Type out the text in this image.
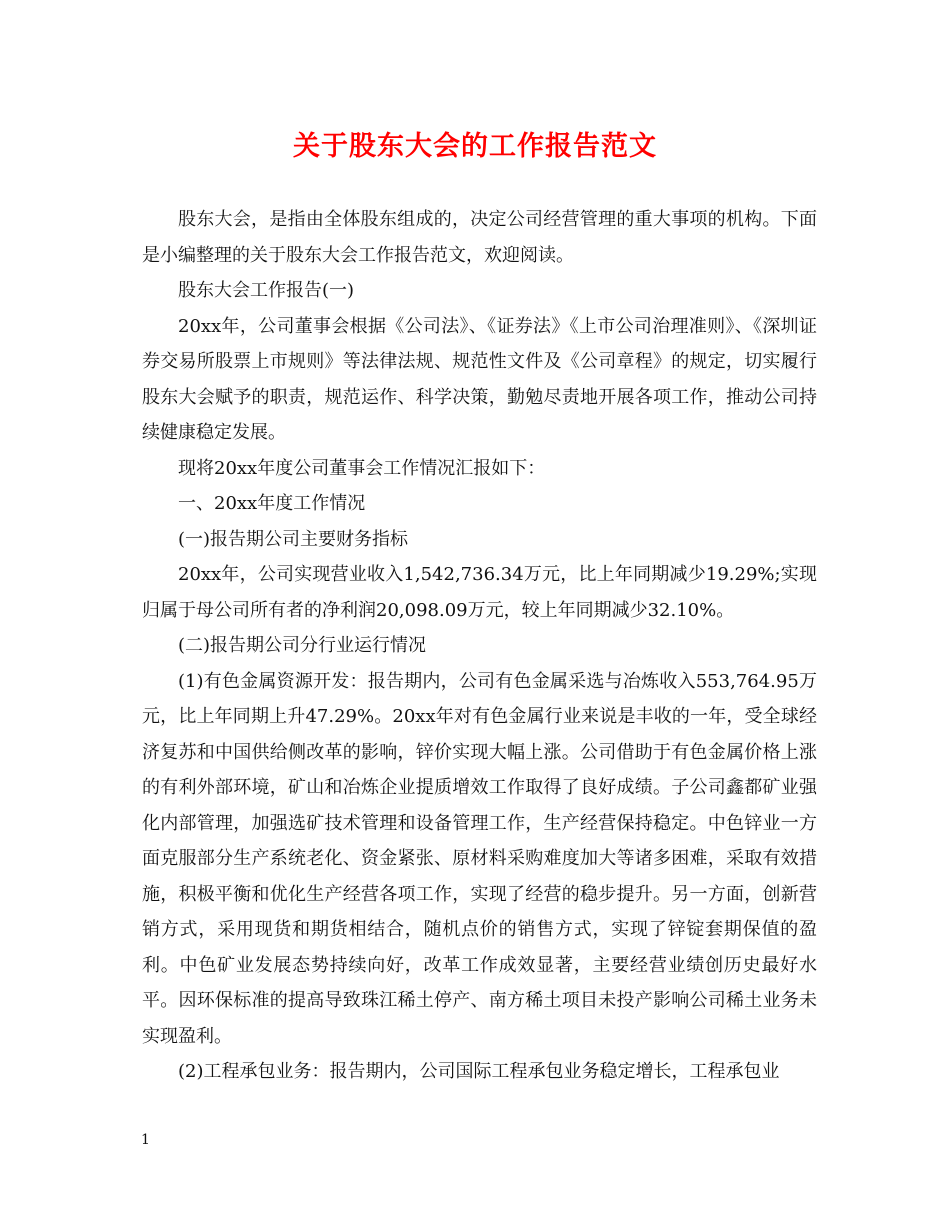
关于股东大会的工作报告范文

股东大会，是指由全体股东组成的，决定公司经营管理的重大事项的机构。下面是小编整理的关于股东大会工作报告范文，欢迎阅读。

股东大会工作报告(一)

20xx年，公司董事会根据《公司法》、《证券法》《上市公司治理准则》、《深圳证券交易所股票上市规则》等法律法规、规范性文件及《公司章程》的规定，切实履行股东大会赋予的职责，规范运作、科学决策，勤勉尽责地开展各项工作，推动公司持续健康稳定发展。

现将20xx年度公司董事会工作情况汇报如下：

一、20xx年度工作情况

(一)报告期公司主要财务指标

20xx年，公司实现营业收入1,542,736.34万元，比上年同期减少19.29%;实现归属于母公司所有者的净利润20,098.09万元，较上年同期减少32.10%。

(二)报告期公司分行业运行情况

(1)有色金属资源开发：报告期内，公司有色金属采选与冶炼收入553,764.95万元，比上年同期上升47.29%。20xx年对有色金属行业来说是丰收的一年，受全球经济复苏和中国供给侧改革的影响，锌价实现大幅上涨。公司借助于有色金属价格上涨的有利外部环境，矿山和冶炼企业提质增效工作取得了良好成绩。子公司鑫都矿业强化内部管理，加强选矿技术管理和设备管理工作，生产经营保持稳定。中色锌业一方面克服部分生产系统老化、资金紧张、原材料采购难度加大等诸多困难，采取有效措施，积极平衡和优化生产经营各项工作，实现了经营的稳步提升。另一方面，创新营销方式，采用现货和期货相结合，随机点价的销售方式，实现了锌锭套期保值的盈利。中色矿业发展态势持续向好，改革工作成效显著，主要经营业绩创历史最好水平。因环保标准的提高导致珠江稀土停产、南方稀土项目未投产影响公司稀土业务未实现盈利。

(2)工程承包业务：报告期内，公司国际工程承包业务稳定增长，工程承包业

1
